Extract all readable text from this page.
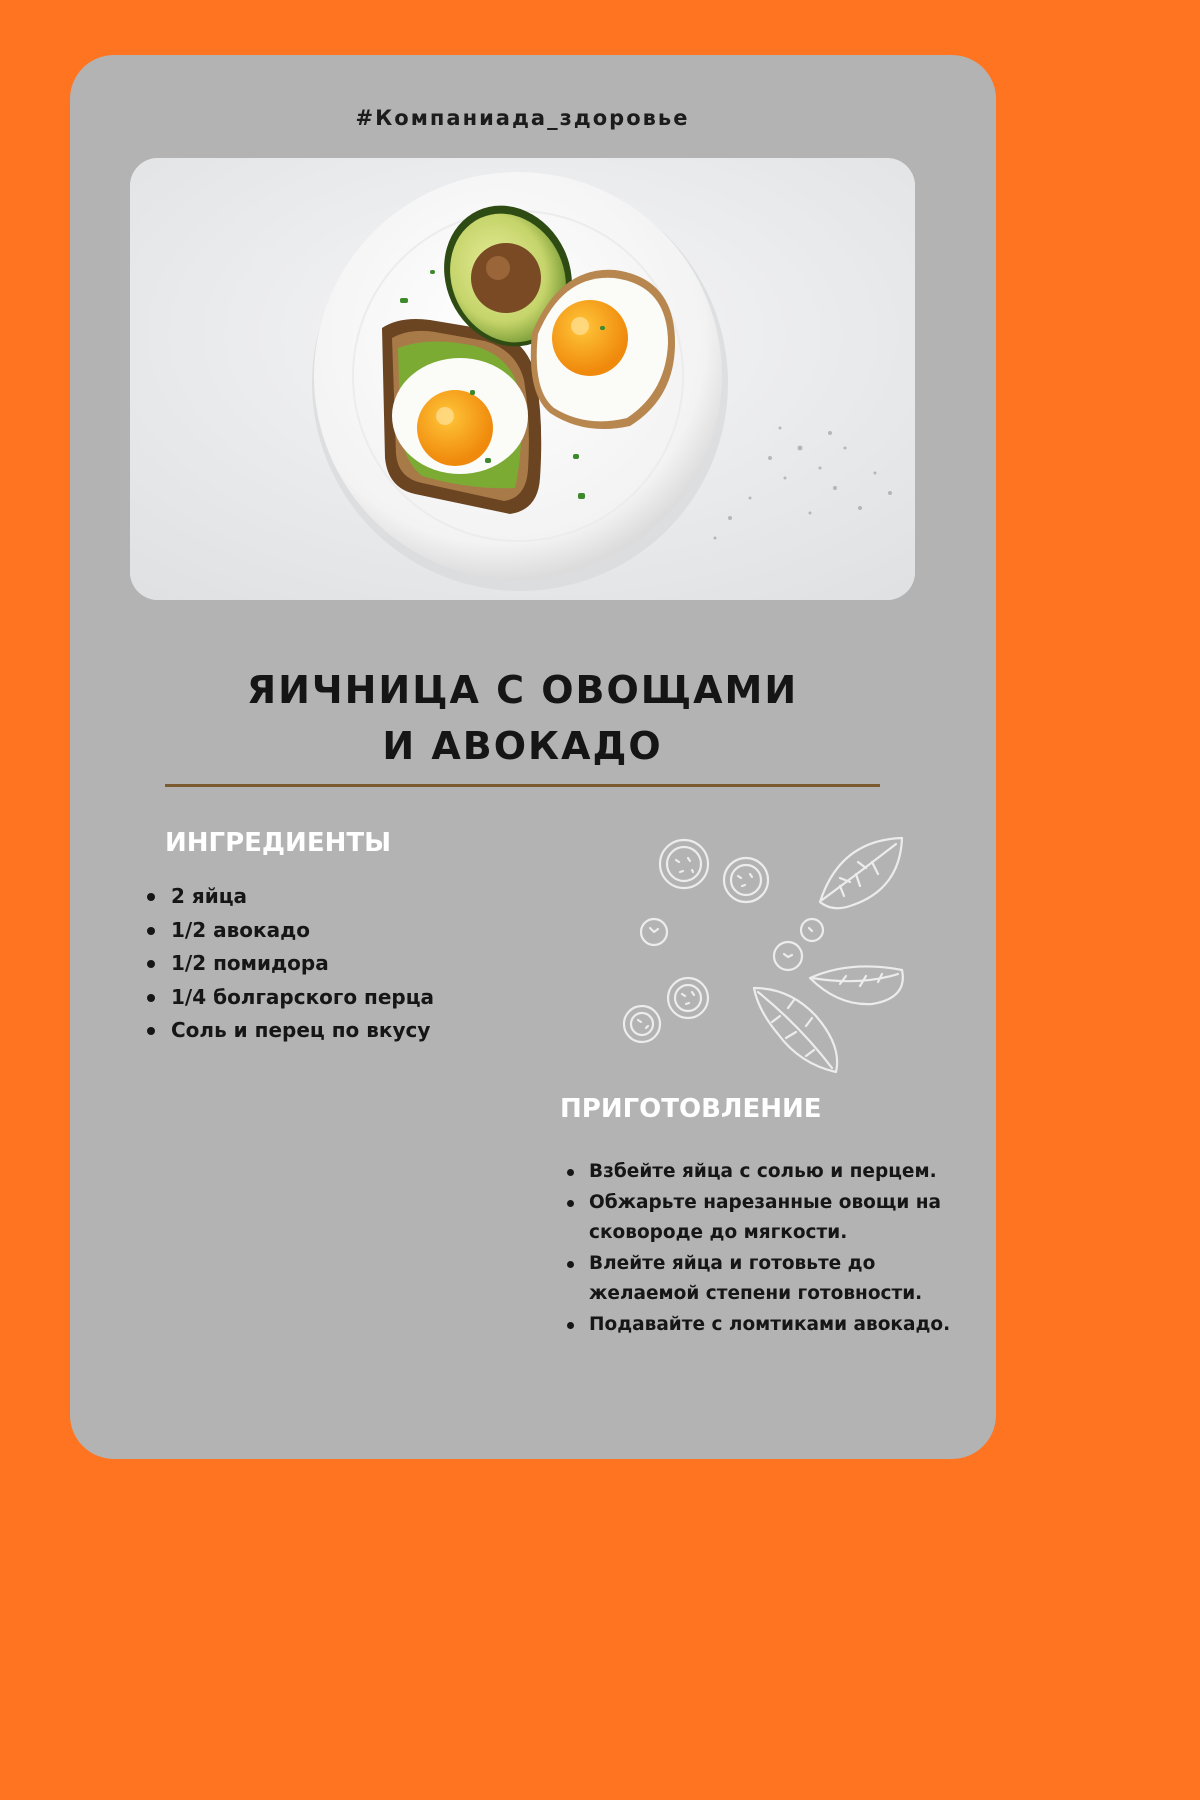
#Компаниада_здоровье
ЯИЧНИЦА С ОВОЩАМИ
И АВОКАДО
ИНГРЕДИЕНТЫ
2 яйца
1/2 авокадо
1/2 помидора
1/4 болгарского перца
Соль и перец по вкусу
ПРИГОТОВЛЕНИЕ
Взбейте яйца с солью и перцем.
Обжарьте нарезанные овощи на сковороде до мягкости.
Влейте яйца и готовьте до желаемой степени готовности.
Подавайте с ломтиками авокадо.
